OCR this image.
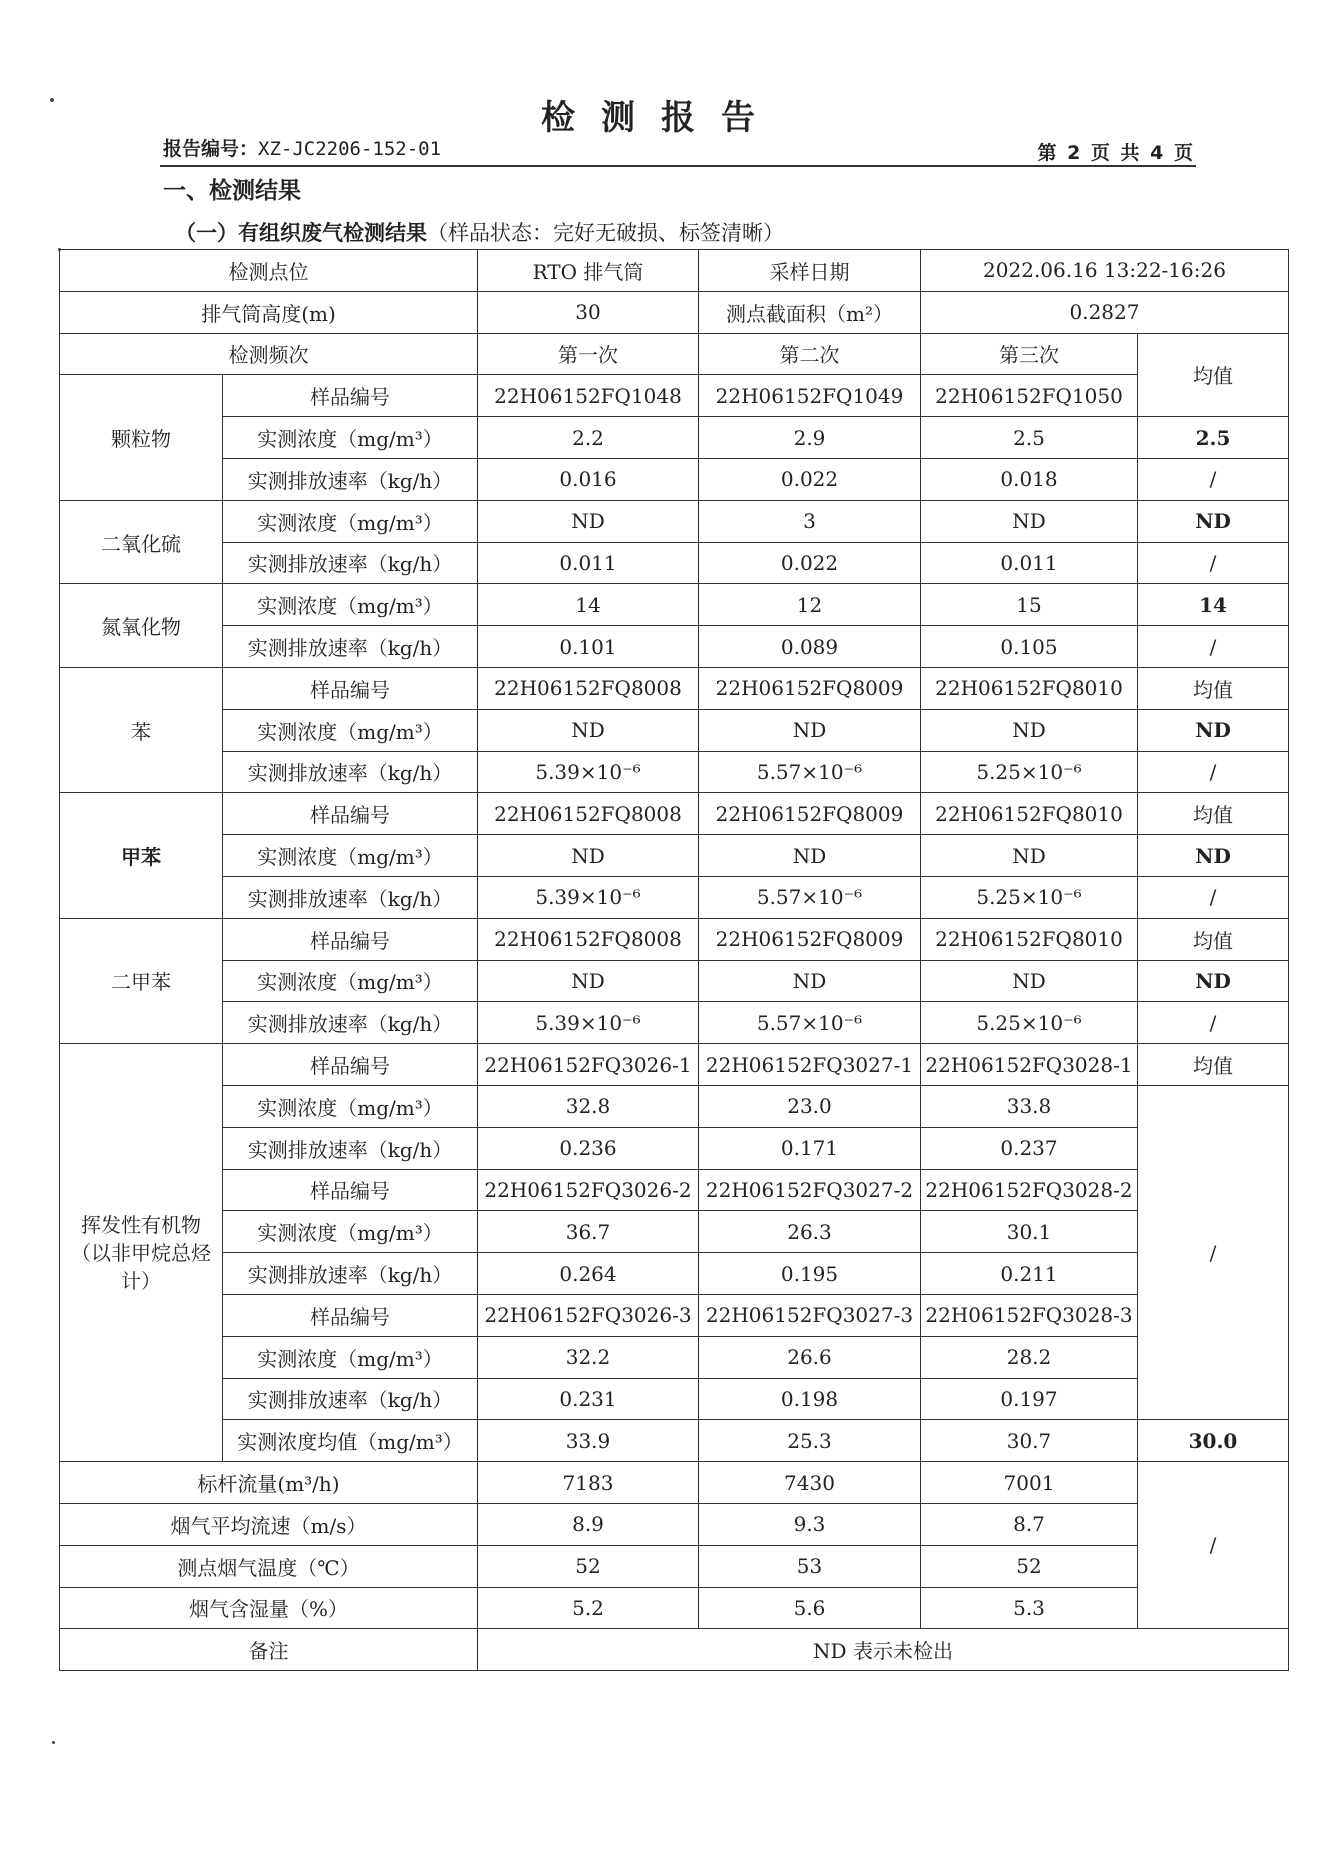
检测报告
报告编号：XZ-JC2206-152-01	第 2 页 共 4 页
一、检测结果
（一）有组织废气检测结果（样品状态：完好无破损、标签清晰）
检测点位		RTO 排气筒	采样日期	2022.06.16 13:22-16:26	
排气筒高度(m)		30	测点截面积（m²）	0.2827	
检测频次		第一次	第二次	第三次	均值
颗粒物	样品编号	22H06152FQ1048	22H06152FQ1049	22H06152FQ1050	
	实测浓度（mg/m³）	2.2	2.9	2.5	2.5
	实测排放速率（kg/h）	0.016	0.022	0.018	/
二氧化硫	实测浓度（mg/m³）	ND	3	ND	ND
	实测排放速率（kg/h）	0.011	0.022	0.011	/
氮氧化物	实测浓度（mg/m³）	14	12	15	14
	实测排放速率（kg/h）	0.101	0.089	0.105	/
苯	样品编号	22H06152FQ8008	22H06152FQ8009	22H06152FQ8010	均值
	实测浓度（mg/m³）	ND	ND	ND	ND
	实测排放速率（kg/h）	5.39×10⁻⁶	5.57×10⁻⁶	5.25×10⁻⁶	/
甲苯	样品编号	22H06152FQ8008	22H06152FQ8009	22H06152FQ8010	均值
	实测浓度（mg/m³）	ND	ND	ND	ND
	实测排放速率（kg/h）	5.39×10⁻⁶	5.57×10⁻⁶	5.25×10⁻⁶	/
二甲苯	样品编号	22H06152FQ8008	22H06152FQ8009	22H06152FQ8010	均值
	实测浓度（mg/m³）	ND	ND	ND	ND
	实测排放速率（kg/h）	5.39×10⁻⁶	5.57×10⁻⁶	5.25×10⁻⁶	/
挥发性有机物（以非甲烷总烃计）	样品编号	22H06152FQ3026-1	22H06152FQ3027-1	22H06152FQ3028-1	均值
	实测浓度（mg/m³）	32.8	23.0	33.8	/
	实测排放速率（kg/h）	0.236	0.171	0.237	
	样品编号	22H06152FQ3026-2	22H06152FQ3027-2	22H06152FQ3028-2	
	实测浓度（mg/m³）	36.7	26.3	30.1	
	实测排放速率（kg/h）	0.264	0.195	0.211	
	样品编号	22H06152FQ3026-3	22H06152FQ3027-3	22H06152FQ3028-3	
	实测浓度（mg/m³）	32.2	26.6	28.2	
	实测排放速率（kg/h）	0.231	0.198	0.197	
	实测浓度均值（mg/m³）	33.9	25.3	30.7	30.0
标杆流量(m³/h)		7183	7430	7001	/
烟气平均流速（m/s）		8.9	9.3	8.7	
测点烟气温度（℃）		52	53	52	
烟气含湿量（%）		5.2	5.6	5.3	
备注		ND 表示未检出			
